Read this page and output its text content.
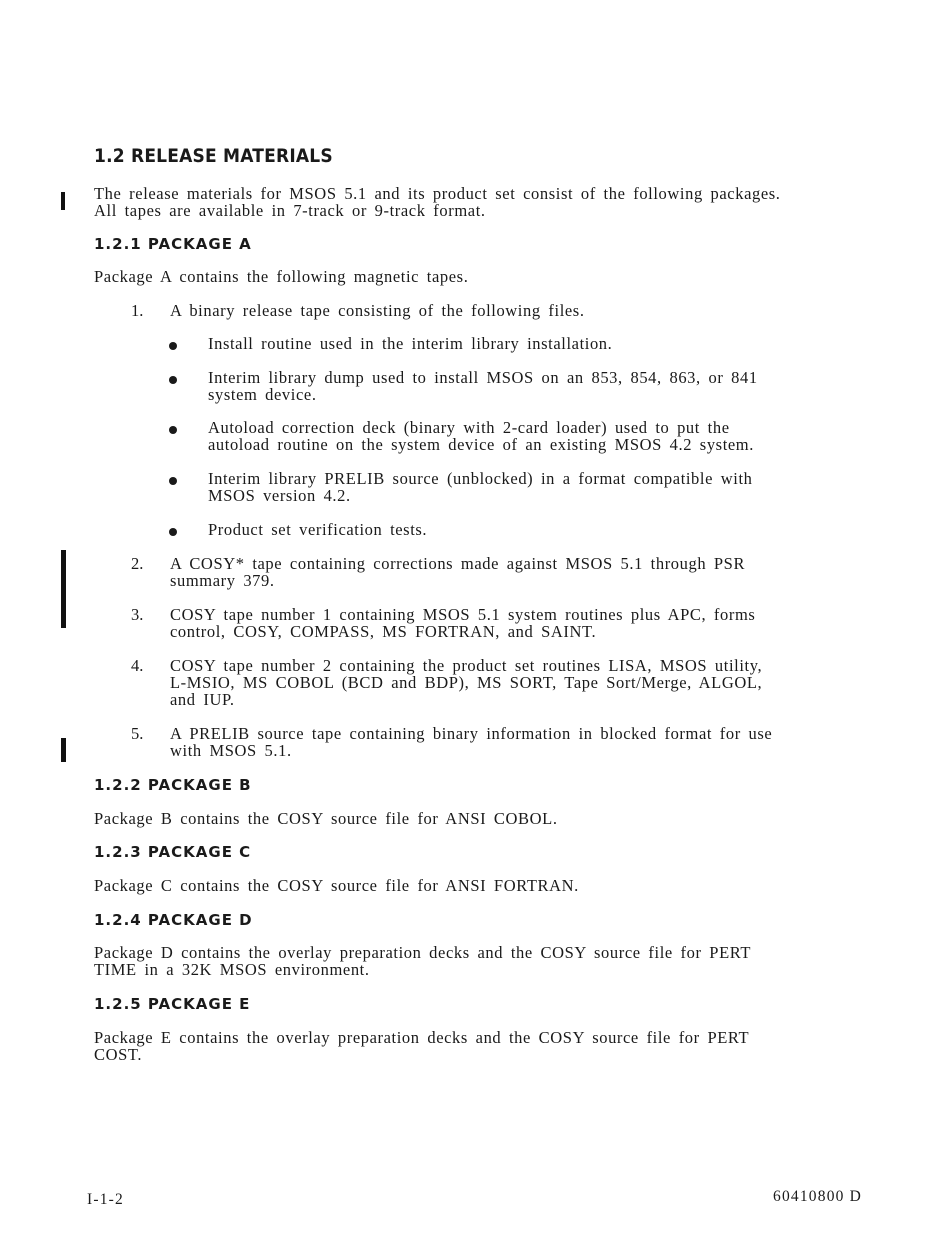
1.2 RELEASE MATERIALS
The release materials for MSOS 5.1 and its product set consist of the following packages.
All tapes are available in 7-track or 9-track format.
1.2.1 PACKAGE A
Package A contains the following magnetic tapes.
1. A binary release tape consisting of the following files.
Install routine used in the interim library installation.
Interim library dump used to install MSOS on an 853, 854, 863, or 841
system device.
Autoload correction deck (binary with 2-card loader) used to put the
autoload routine on the system device of an existing MSOS 4.2 system.
Interim library PRELIB source (unblocked) in a format compatible with
MSOS version 4.2.
Product set verification tests.
2. A COSY* tape containing corrections made against MSOS 5.1 through PSR
summary 379.
3. COSY tape number 1 containing MSOS 5.1 system routines plus APC, forms
control, COSY, COMPASS, MS FORTRAN, and SAINT.
4. COSY tape number 2 containing the product set routines LISA, MSOS utility,
L-MSIO, MS COBOL (BCD and BDP), MS SORT, Tape Sort/Merge, ALGOL,
and IUP.
5. A PRELIB source tape containing binary information in blocked format for use
with MSOS 5.1.
1.2.2 PACKAGE B
Package B contains the COSY source file for ANSI COBOL.
1.2.3 PACKAGE C
Package C contains the COSY source file for ANSI FORTRAN.
1.2.4 PACKAGE D
Package D contains the overlay preparation decks and the COSY source file for PERT
TIME in a 32K MSOS environment.
1.2.5 PACKAGE E
Package E contains the overlay preparation decks and the COSY source file for PERT
COST.
I-1-2	60410800 D
